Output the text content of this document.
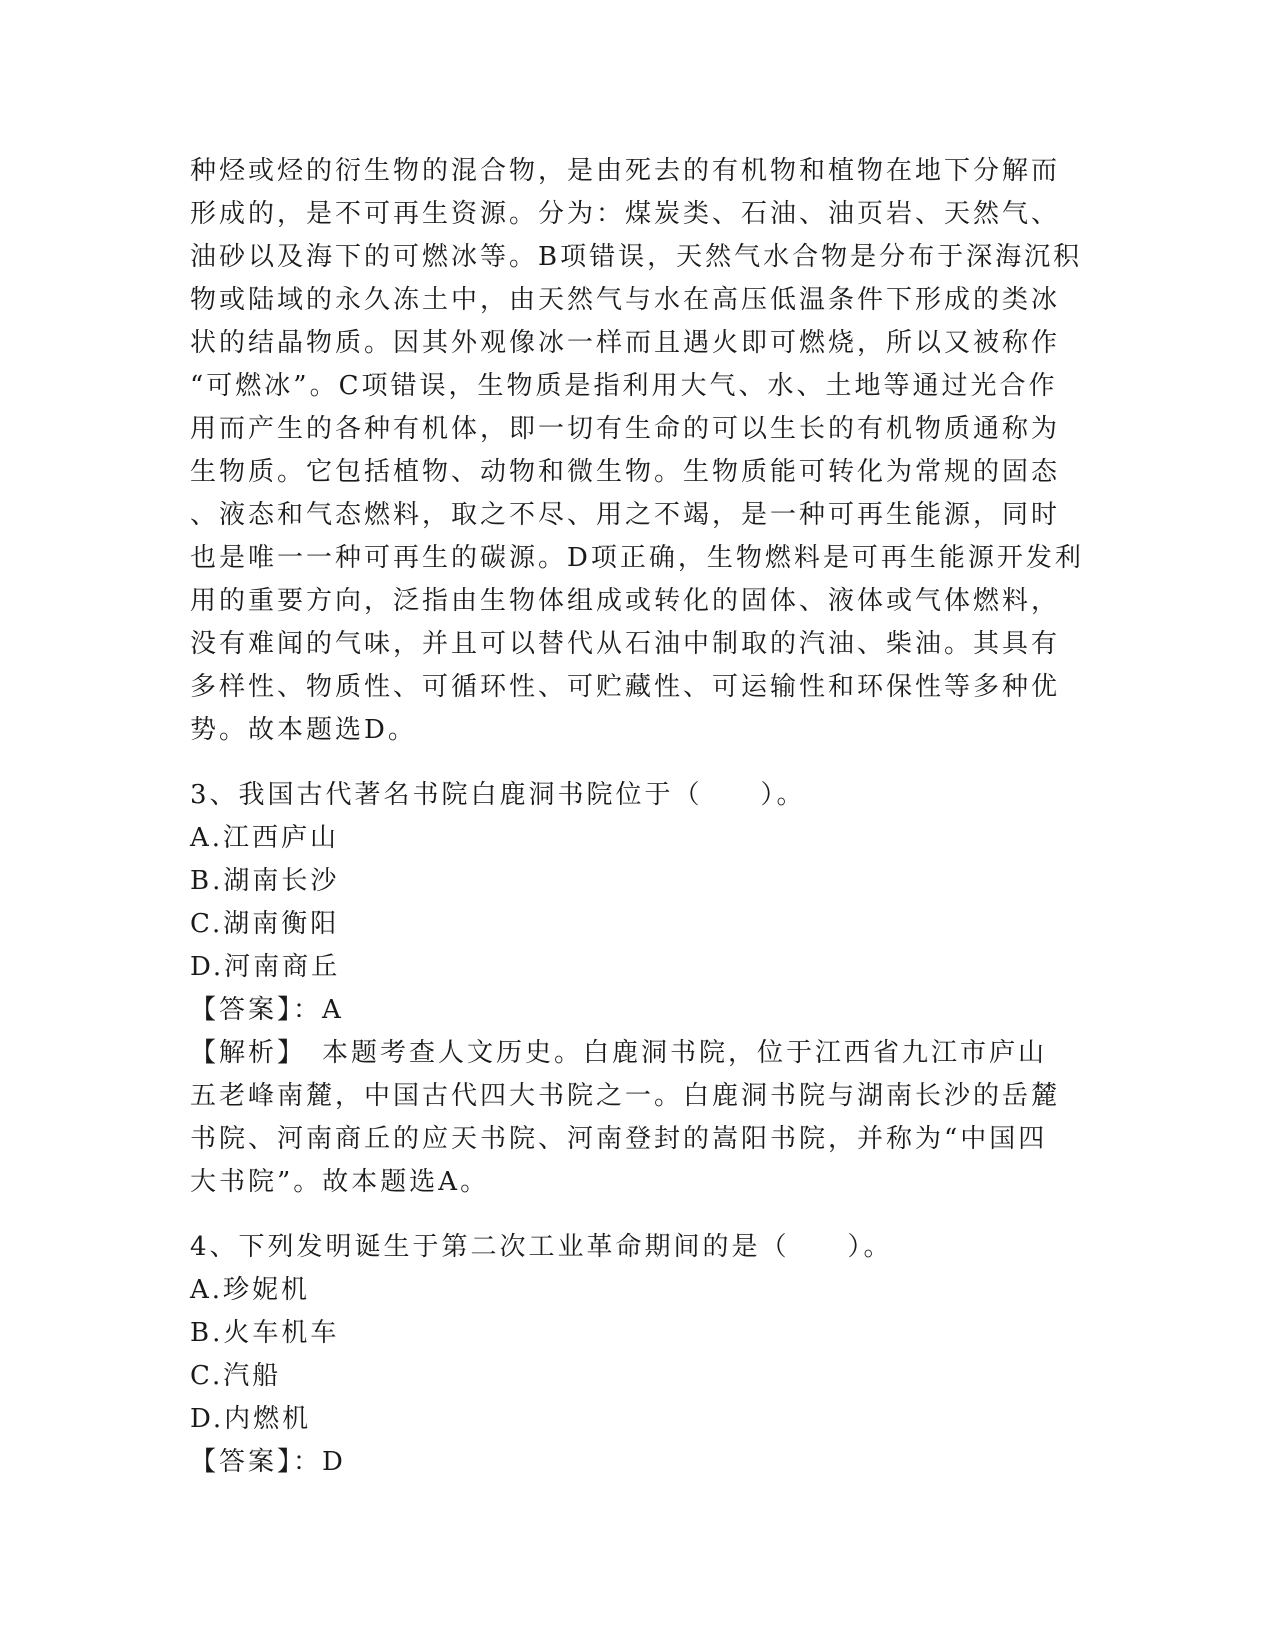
种烃或烃的衍生物的混合物，是由死去的有机物和植物在地下分解而
形成的，是不可再生资源。分为：煤炭类、石油、油页岩、天然气、
油砂以及海下的可燃冰等。B项错误，天然气水合物是分布于深海沉积
物或陆域的永久冻土中，由天然气与水在高压低温条件下形成的类冰
状的结晶物质。因其外观像冰一样而且遇火即可燃烧，所以又被称作
“可燃冰”。C项错误，生物质是指利用大气、水、土地等通过光合作
用而产生的各种有机体，即一切有生命的可以生长的有机物质通称为
生物质。它包括植物、动物和微生物。生物质能可转化为常规的固态
、液态和气态燃料，取之不尽、用之不竭，是一种可再生能源，同时
也是唯一一种可再生的碳源。D项正确，生物燃料是可再生能源开发利
用的重要方向，泛指由生物体组成或转化的固体、液体或气体燃料，
没有难闻的气味，并且可以替代从石油中制取的汽油、柴油。其具有
多样性、物质性、可循环性、可贮藏性、可运输性和环保性等多种优
势。故本题选D。
3、我国古代著名书院白鹿洞书院位于（　　）。
A.江西庐山
B.湖南长沙
C.湖南衡阳
D.河南商丘
【答案】：A
【解析】　本题考查人文历史。白鹿洞书院，位于江西省九江市庐山
五老峰南麓，中国古代四大书院之一。白鹿洞书院与湖南长沙的岳麓
书院、河南商丘的应天书院、河南登封的嵩阳书院，并称为“中国四
大书院”。故本题选A。
4、下列发明诞生于第二次工业革命期间的是（　　）。
A.珍妮机
B.火车机车
C.汽船
D.内燃机
【答案】：D
